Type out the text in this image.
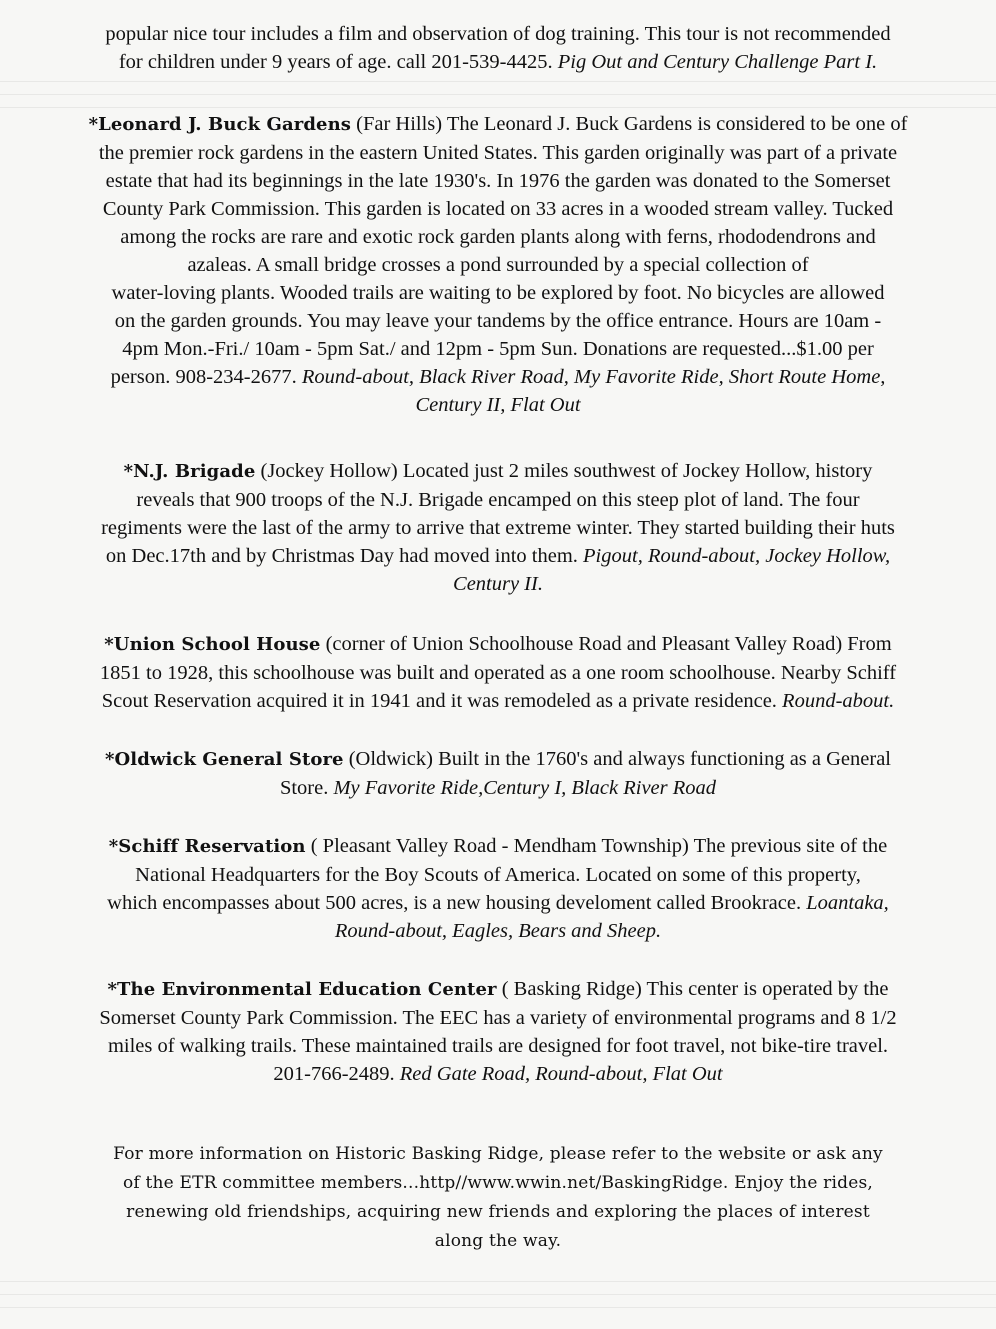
popular nice tour includes a film and observation of dog training. This tour is not recommended
for children under 9 years of age. call 201-539-4425. Pig Out and Century Challenge Part I.
*Leonard J. Buck Gardens (Far Hills) The Leonard J. Buck Gardens is considered to be one of
the premier rock gardens in the eastern United States. This garden originally was part of a private
estate that had its beginnings in the late 1930's. In 1976 the garden was donated to the Somerset
County Park Commission. This garden is located on 33 acres in a wooded stream valley. Tucked
among the rocks are rare and exotic rock garden plants along with ferns, rhododendrons and
azaleas. A small bridge crosses a pond surrounded by a special collection of
water-loving plants. Wooded trails are waiting to be explored by foot. No bicycles are allowed
on the garden grounds. You may leave your tandems by the office entrance. Hours are 10am -
4pm Mon.-Fri./ 10am - 5pm Sat./ and 12pm - 5pm Sun. Donations are requested...$1.00 per
person. 908-234-2677. Round-about, Black River Road, My Favorite Ride, Short Route Home,
Century II, Flat Out
*N.J. Brigade (Jockey Hollow) Located just 2 miles southwest of Jockey Hollow, history
reveals that 900 troops of the N.J. Brigade encamped on this steep plot of land. The four
regiments were the last of the army to arrive that extreme winter. They started building their huts
on Dec.17th and by Christmas Day had moved into them. Pigout, Round-about, Jockey Hollow,
Century II.
*Union School House (corner of Union Schoolhouse Road and Pleasant Valley Road) From
1851 to 1928, this schoolhouse was built and operated as a one room schoolhouse. Nearby Schiff
Scout Reservation acquired it in 1941 and it was remodeled as a private residence. Round-about.
*Oldwick General Store (Oldwick) Built in the 1760's and always functioning as a General
Store. My Favorite Ride,Century I, Black River Road
*Schiff Reservation ( Pleasant Valley Road - Mendham Township) The previous site of the
National Headquarters for the Boy Scouts of America. Located on some of this property,
which encompasses about 500 acres, is a new housing develoment called Brookrace. Loantaka,
Round-about, Eagles, Bears and Sheep.
*The Environmental Education Center ( Basking Ridge) This center is operated by the
Somerset County Park Commission. The EEC has a variety of environmental programs and 8 1/2
miles of walking trails. These maintained trails are designed for foot travel, not bike-tire travel.
201-766-2489. Red Gate Road, Round-about, Flat Out
For more information on Historic Basking Ridge, please refer to the website or ask any
of the ETR committee members...http//www.wwin.net/BaskingRidge. Enjoy the rides,
renewing old friendships, acquiring new friends and exploring the places of interest
along the way.
